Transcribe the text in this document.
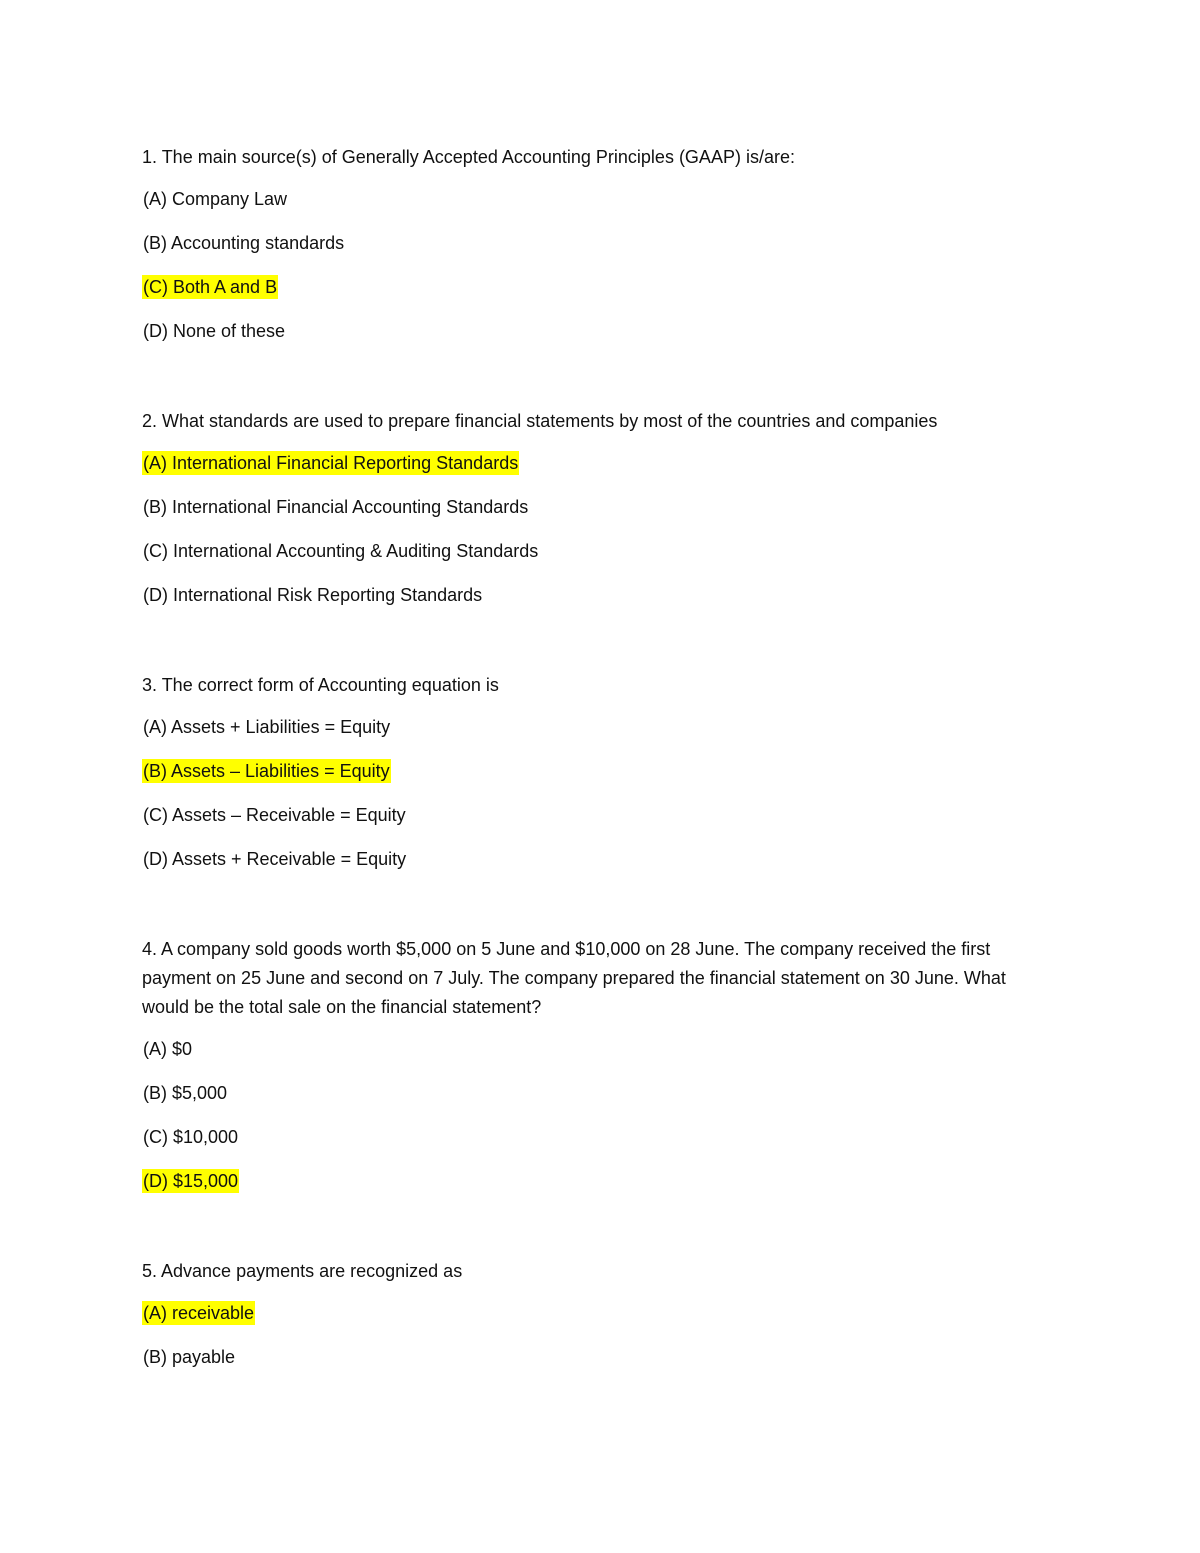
1. The main source(s) of Generally Accepted Accounting Principles (GAAP) is/are:

(A) Company Law
(B) Accounting standards
(C) Both A and B
(D) None of these

2. What standards are used to prepare financial statements by most of the countries and companies

(A) International Financial Reporting Standards
(B) International Financial Accounting Standards
(C) International Accounting & Auditing Standards
(D) International Risk Reporting Standards

3. The correct form of Accounting equation is

(A) Assets + Liabilities = Equity
(B) Assets – Liabilities = Equity
(C) Assets – Receivable = Equity
(D) Assets + Receivable = Equity

4. A company sold goods worth $5,000 on 5 June and $10,000 on 28 June. The company received the first payment on 25 June and second on 7 July. The company prepared the financial statement on 30 June. What would be the total sale on the financial statement?

(A) $0
(B) $5,000
(C) $10,000
(D) $15,000

5. Advance payments are recognized as

(A) receivable
(B) payable
